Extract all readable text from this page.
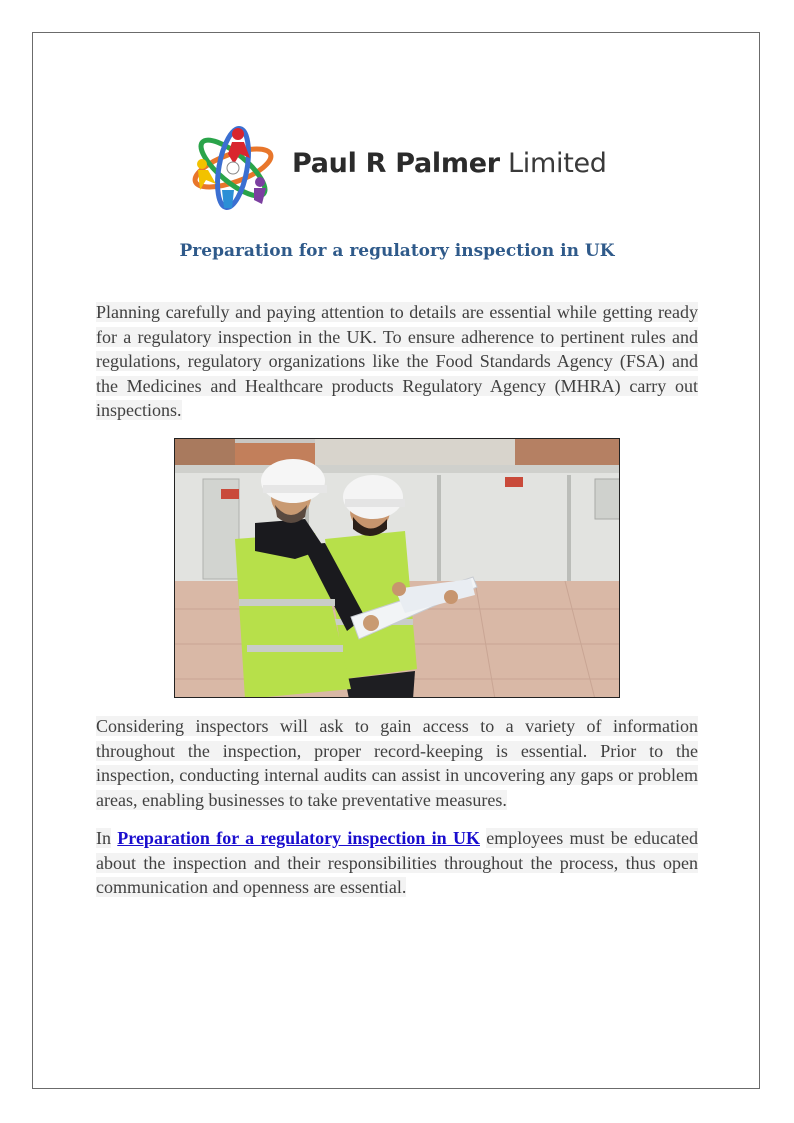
Paul R Palmer Limited
Preparation for a regulatory inspection in UK
Planning carefully and paying attention to details are essential while getting ready for a regulatory inspection in the UK. To ensure adherence to pertinent rules and regulations, regulatory organizations like the Food Standards Agency (FSA) and the Medicines and Healthcare products Regulatory Agency (MHRA) carry out inspections.
Considering inspectors will ask to gain access to a variety of information throughout the inspection, proper record-keeping is essential. Prior to the inspection, conducting internal audits can assist in uncovering any gaps or problem areas, enabling businesses to take preventative measures.
In Preparation for a regulatory inspection in UK employees must be educated about the inspection and their responsibilities throughout the process, thus open communication and openness are essential.
